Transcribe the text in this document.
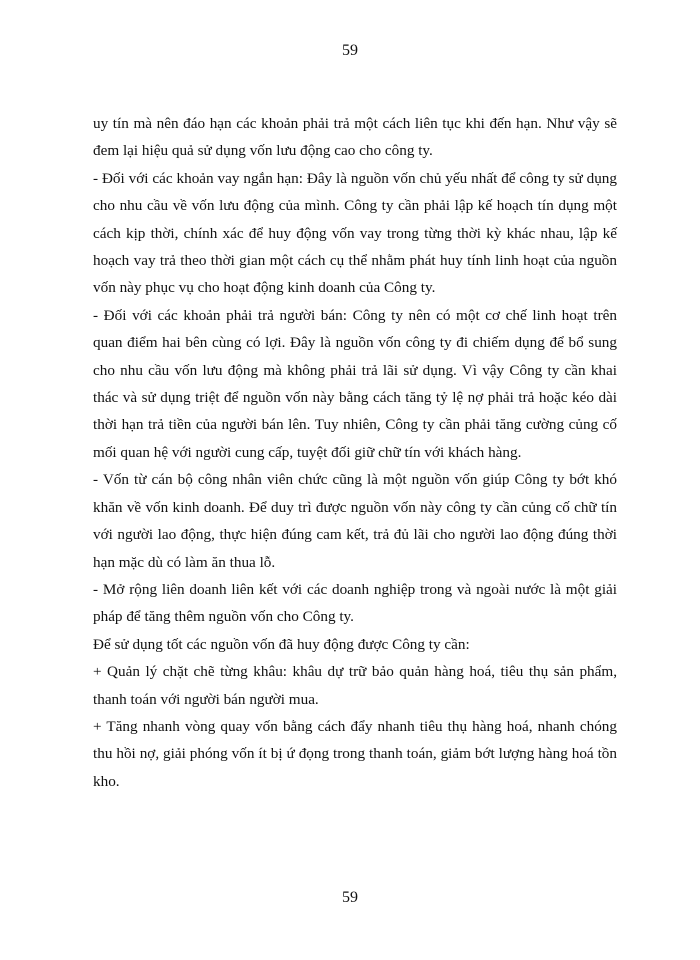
59

uy tín mà nên đáo hạn các khoản phải trả một cách liên tục khi đến hạn. Như vậy sẽ đem lại hiệu quả sử dụng vốn lưu động cao cho công ty.

- Đối với các khoản vay ngắn hạn: Đây là nguồn vốn chủ yếu nhất để công ty sử dụng cho nhu cầu về vốn lưu động của mình. Công ty cần phải lập kế hoạch tín dụng một cách kịp thời, chính xác để huy động vốn vay trong từng thời kỳ khác nhau, lập kế hoạch vay trả theo thời gian một cách cụ thể nhằm phát huy tính linh hoạt của nguồn vốn này phục vụ cho hoạt động kinh doanh của Công ty.

- Đối với các khoản phải trả người bán: Công ty nên có một cơ chế linh hoạt trên quan điểm hai bên cùng có lợi. Đây là nguồn vốn công ty đi chiếm dụng để bổ sung cho nhu cầu vốn lưu động mà không phải trả lãi sử dụng. Vì vậy Công ty cần khai thác và sử dụng triệt để nguồn vốn này bằng cách tăng tỷ lệ nợ phải trả hoặc kéo dài thời hạn trả tiền của người bán lên. Tuy nhiên, Công ty cần phải tăng cường củng cố mối quan hệ với người cung cấp, tuyệt đối giữ chữ tín với khách hàng.

- Vốn từ cán bộ công nhân viên chức cũng là một nguồn vốn giúp Công ty bớt khó khăn về vốn kinh doanh. Để duy trì được nguồn vốn này công ty cần củng cố chữ tín với người lao động, thực hiện đúng cam kết, trả đủ lãi cho người lao động đúng thời hạn mặc dù có làm ăn thua lỗ.

- Mở rộng liên doanh liên kết với các doanh nghiệp trong và ngoài nước là một giải pháp để tăng thêm nguồn vốn cho Công ty.

Để sử dụng tốt các nguồn vốn đã huy động được Công ty cần:

+ Quản lý chặt chẽ từng khâu: khâu dự trữ bảo quản hàng hoá, tiêu thụ sản phẩm, thanh toán với người bán người mua.

+ Tăng nhanh vòng quay vốn bằng cách đẩy nhanh tiêu thụ hàng hoá, nhanh chóng thu hồi nợ, giải phóng vốn ít bị ứ đọng trong thanh toán, giảm bớt lượng hàng hoá tồn kho.

59
